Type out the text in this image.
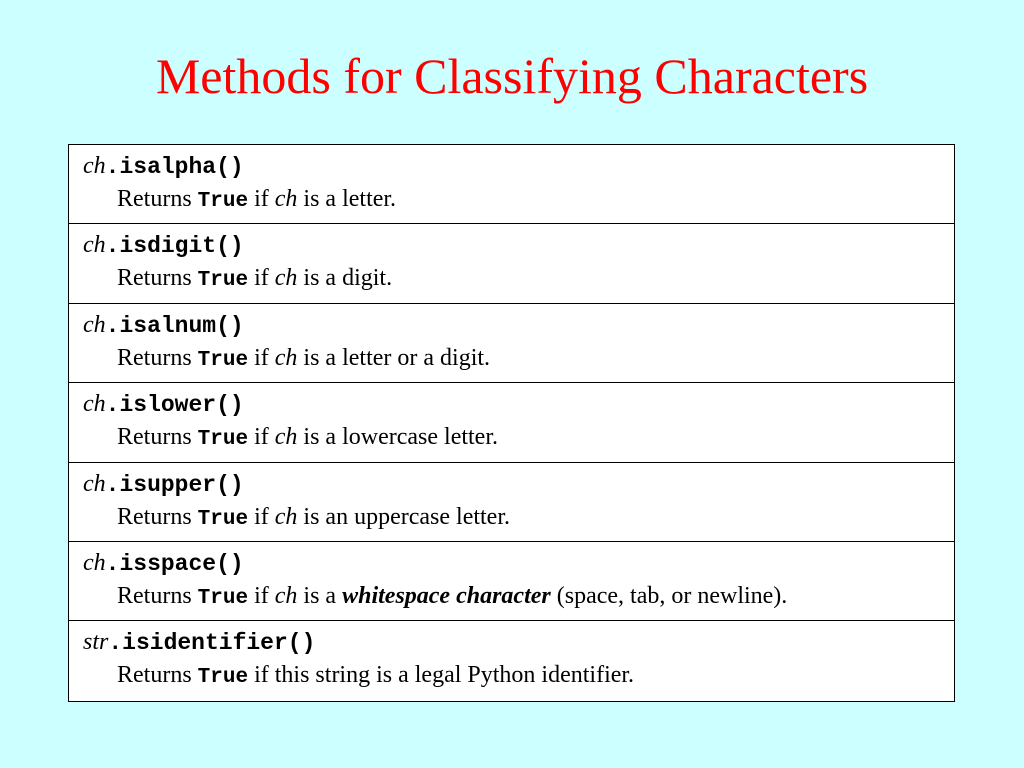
Methods for Classifying Characters
ch.isalpha()
Returns True if ch is a letter.
ch.isdigit()
Returns True if ch is a digit.
ch.isalnum()
Returns True if ch is a letter or a digit.
ch.islower()
Returns True if ch is a lowercase letter.
ch.isupper()
Returns True if ch is an uppercase letter.
ch.isspace()
Returns True if ch is a whitespace character (space, tab, or newline).
str.isidentifier()
Returns True if this string is a legal Python identifier.
